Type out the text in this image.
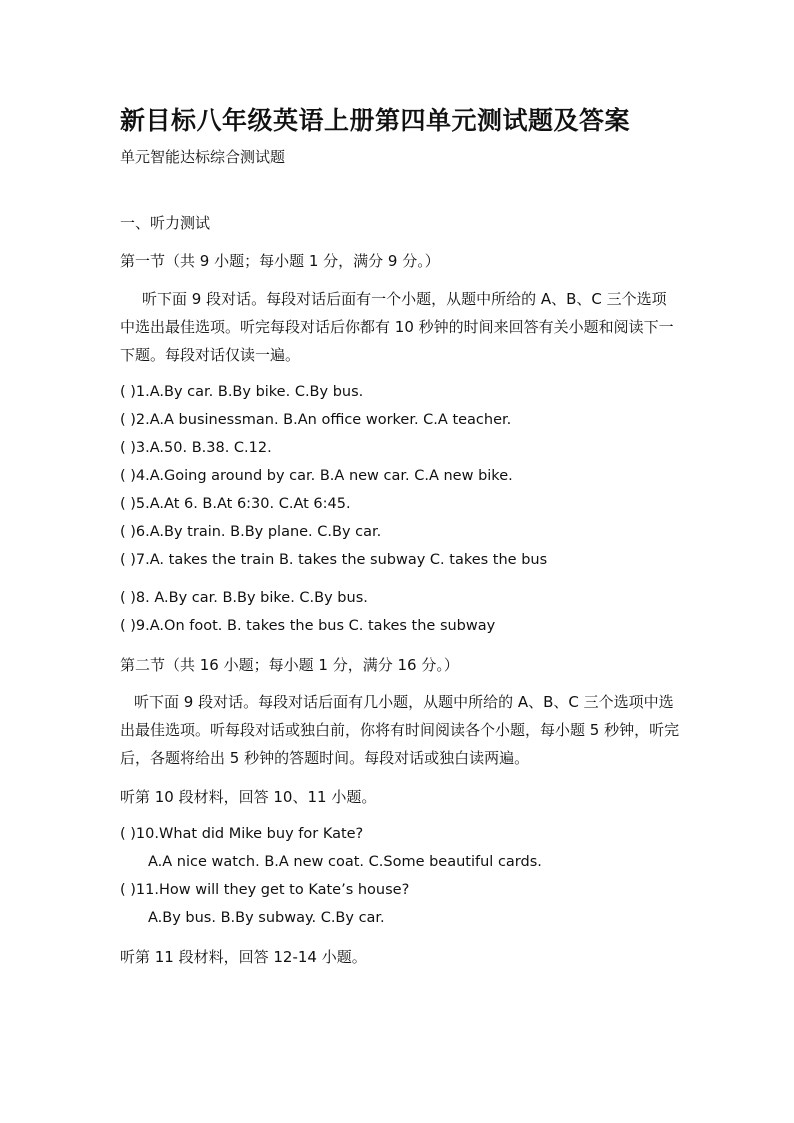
新目标八年级英语上册第四单元测试题及答案

单元智能达标综合测试题

一、听力测试

第一节（共 9 小题；每小题 1 分，满分 9 分。）

听下面 9 段对话。每段对话后面有一个小题，从题中所给的 A、B、C 三个选项中选出最佳选项。听完每段对话后你都有 10 秒钟的时间来回答有关小题和阅读下一下题。每段对话仅读一遍。

( )1.A.By car. B.By bike. C.By bus.

( )2.A.A businessman. B.An office worker. C.A teacher.

( )3.A.50. B.38. C.12.

( )4.A.Going around by car. B.A new car. C.A new bike.

( )5.A.At 6. B.At 6:30. C.At 6:45.

( )6.A.By train. B.By plane. C.By car.

( )7.A. takes the train B. takes the subway C. takes the bus

( )8. A.By car. B.By bike. C.By bus.

( )9.A.On foot. B. takes the bus C. takes the subway

第二节（共 16 小题；每小题 1 分，满分 16 分。）

听下面 9 段对话。每段对话后面有几小题，从题中所给的 A、B、C 三个选项中选出最佳选项。听每段对话或独白前，你将有时间阅读各个小题，每小题 5 秒钟，听完后，各题将给出 5 秒钟的答题时间。每段对话或独白读两遍。

听第 10 段材料，回答 10、11 小题。

( )10.What did Mike buy for Kate?

A.A nice watch. B.A new coat. C.Some beautiful cards.

( )11.How will they get to Kate’s house?

A.By bus. B.By subway. C.By car.

听第 11 段材料，回答 12-14 小题。
